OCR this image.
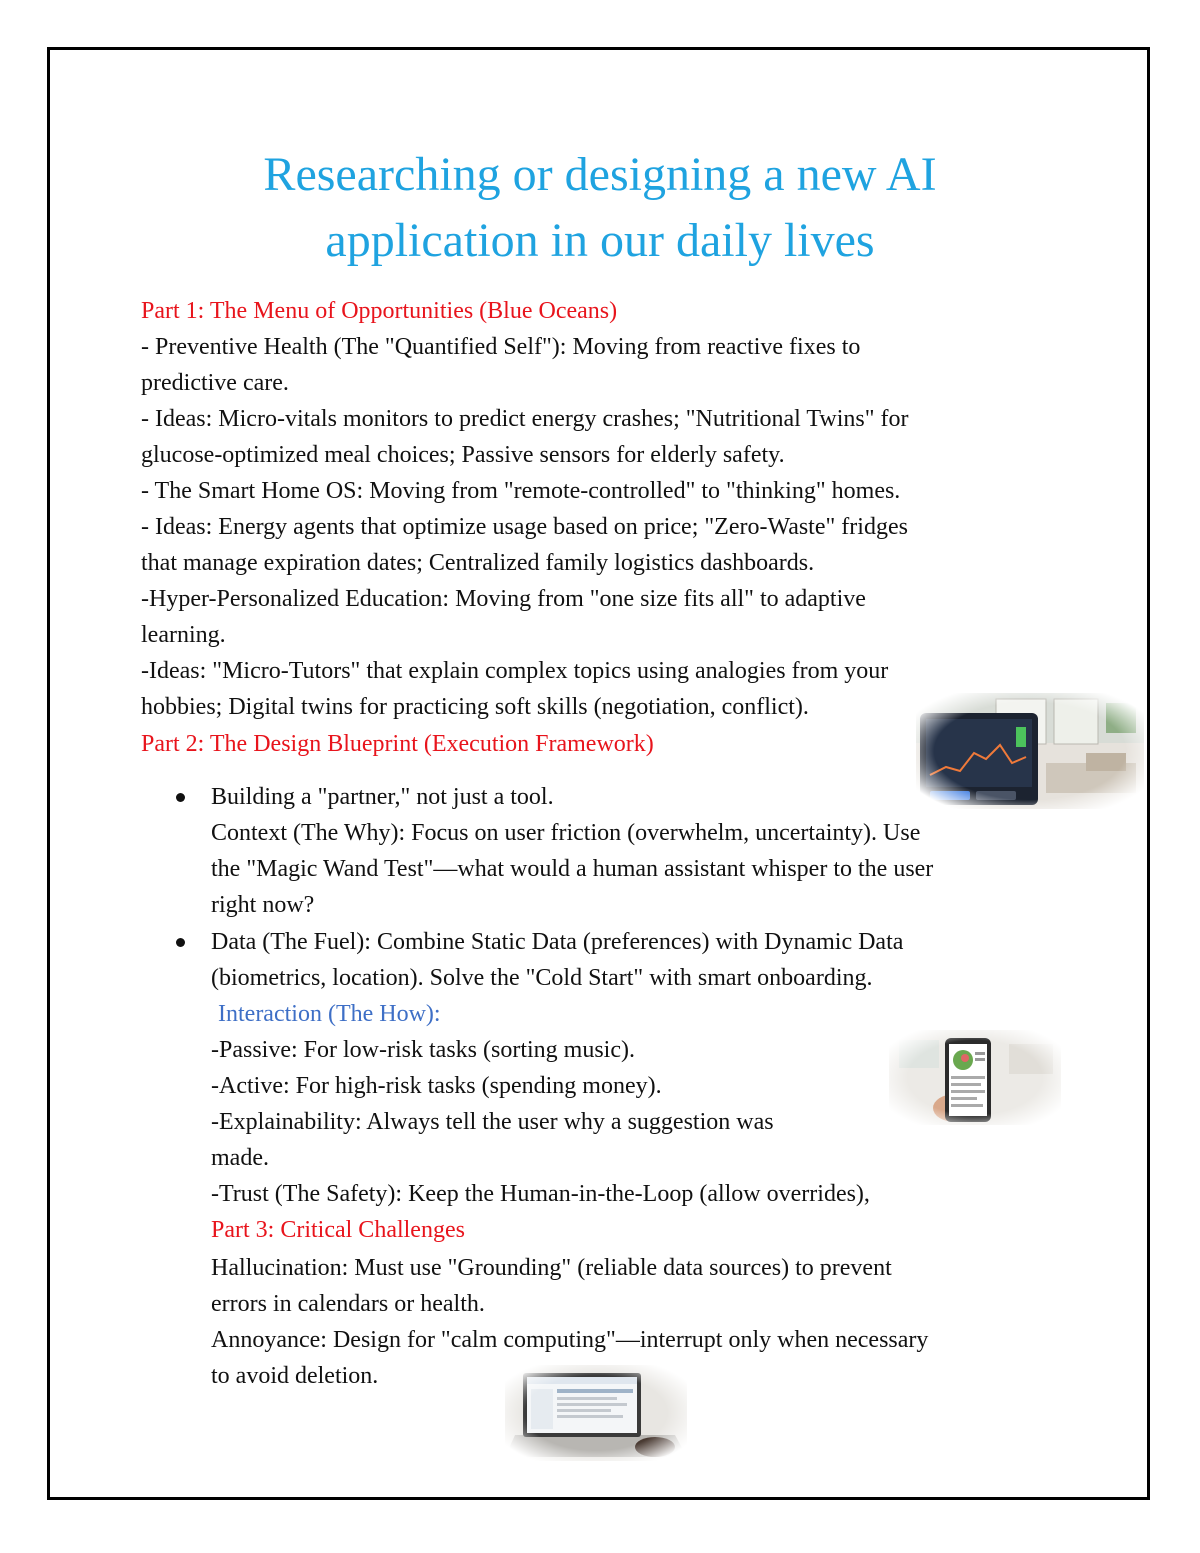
Researching or designing a new AI
application in our daily lives
Part 1: The Menu of Opportunities (Blue Oceans)
- Preventive Health (The "Quantified Self"): Moving from reactive fixes to
predictive care.
- Ideas: Micro-vitals monitors to predict energy crashes; "Nutritional Twins" for
glucose-optimized meal choices; Passive sensors for elderly safety.
- The Smart Home OS: Moving from "remote-controlled" to "thinking" homes.
- Ideas: Energy agents that optimize usage based on price; "Zero-Waste" fridges
that manage expiration dates; Centralized family logistics dashboards.
-Hyper-Personalized Education: Moving from "one size fits all" to adaptive
learning.
-Ideas: "Micro-Tutors" that explain complex topics using analogies from your
hobbies; Digital twins for practicing soft skills (negotiation, conflict).
Part 2: The Design Blueprint (Execution Framework)
Building a "partner," not just a tool.
Context (The Why): Focus on user friction (overwhelm, uncertainty). Use
the "Magic Wand Test"—what would a human assistant whisper to the user
right now?
Data (The Fuel): Combine Static Data (preferences) with Dynamic Data
(biometrics, location). Solve the "Cold Start" with smart onboarding.
Interaction (The How):
-Passive: For low-risk tasks (sorting music).
-Active: For high-risk tasks (spending money).
-Explainability: Always tell the user why a suggestion was
made.
-Trust (The Safety): Keep the Human-in-the-Loop (allow overrides),
Part 3: Critical Challenges
Hallucination: Must use "Grounding" (reliable data sources) to prevent
errors in calendars or health.
Annoyance: Design for "calm computing"—interrupt only when necessary
to avoid deletion.
